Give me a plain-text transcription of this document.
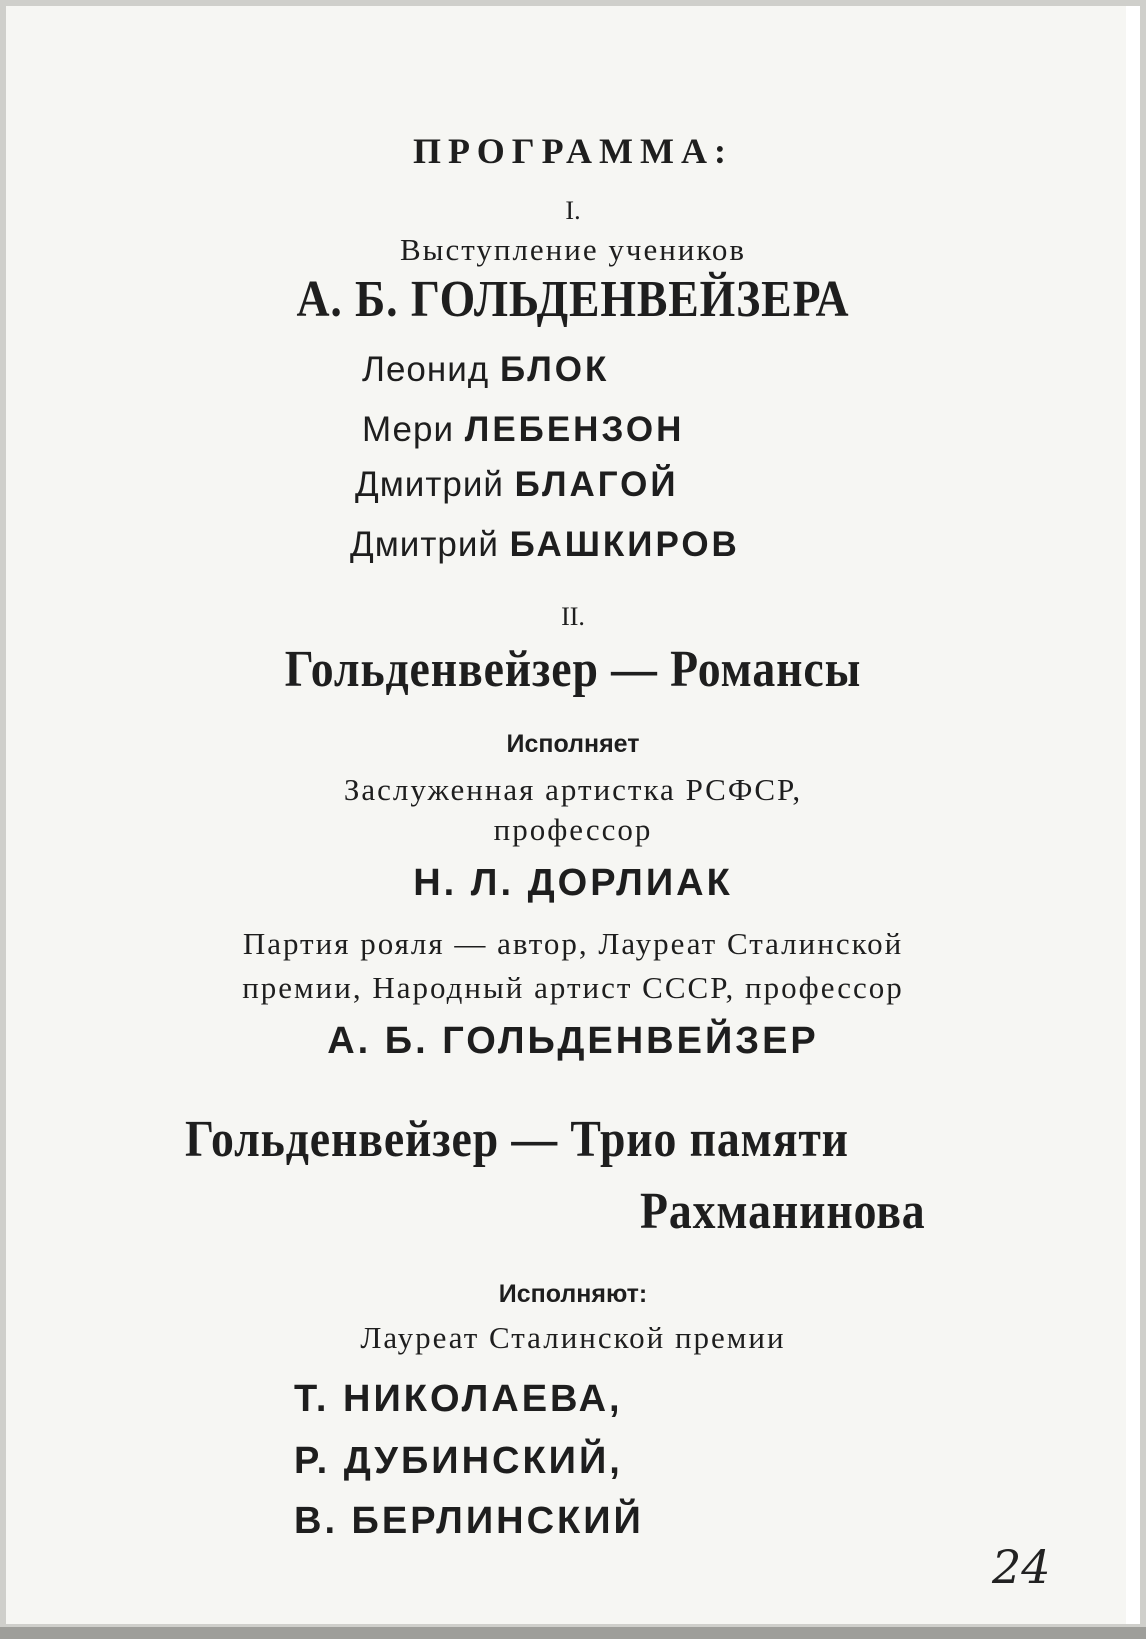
ПРОГРАММА:
I.
Выступление учеников
А. Б. ГОЛЬДЕНВЕЙЗЕРА
Леонид БЛОК
Мери ЛЕБЕНЗОН
Дмитрий БЛАГОЙ
Дмитрий БАШКИРОВ
II.
Гольденвейзер — Романсы
Исполняет
Заслуженная артистка РСФСР,
профессор
Н. Л. ДОРЛИАК
Партия рояля — автор, Лауреат Сталинской
премии, Народный артист СССР, профессор
А. Б. ГОЛЬДЕНВЕЙЗЕР
Гольденвейзер — Трио памяти
Рахманинова
Исполняют:
Лауреат Сталинской премии
Т. НИКОЛАЕВА,
Р. ДУБИНСКИЙ,
В. БЕРЛИНСКИЙ
24
